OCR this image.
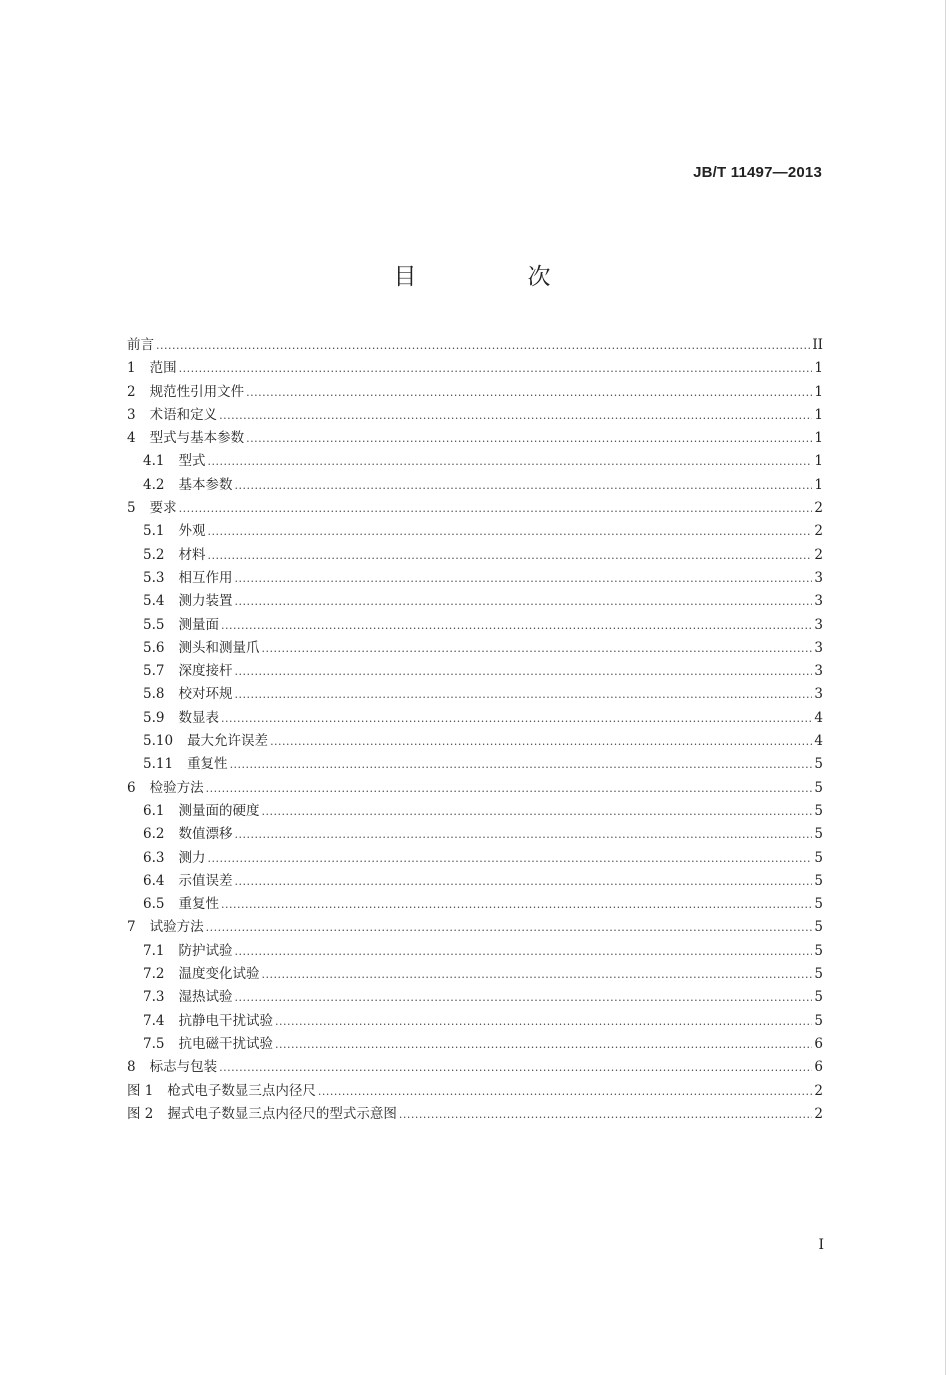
JB/T 11497—2013
目　次
前言 .....	II
1 范围 .....	1
2 规范性引用文件 .....	1
3 术语和定义 .....	1
4 型式与基本参数 .....	1
4.1 型式 .....	1
4.2 基本参数 .....	1
5 要求 .....	2
5.1 外观 .....	2
5.2 材料 .....	2
5.3 相互作用 .....	3
5.4 测力装置 .....	3
5.5 测量面 .....	3
5.6 测头和测量爪 .....	3
5.7 深度接杆 .....	3
5.8 校对环规 .....	3
5.9 数显表 .....	4
5.10 最大允许误差 .....	4
5.11 重复性 .....	5
6 检验方法 .....	5
6.1 测量面的硬度 .....	5
6.2 数值漂移 .....	5
6.3 测力 .....	5
6.4 示值误差 .....	5
6.5 重复性 .....	5
7 试验方法 .....	5
7.1 防护试验 .....	5
7.2 温度变化试验 .....	5
7.3 湿热试验 .....	5
7.4 抗静电干扰试验 .....	5
7.5 抗电磁干扰试验 .....	6
8 标志与包装 .....	6
图 1 枪式电子数显三点内径尺 .....	2
图 2 握式电子数显三点内径尺的型式示意图 .....	2
I
